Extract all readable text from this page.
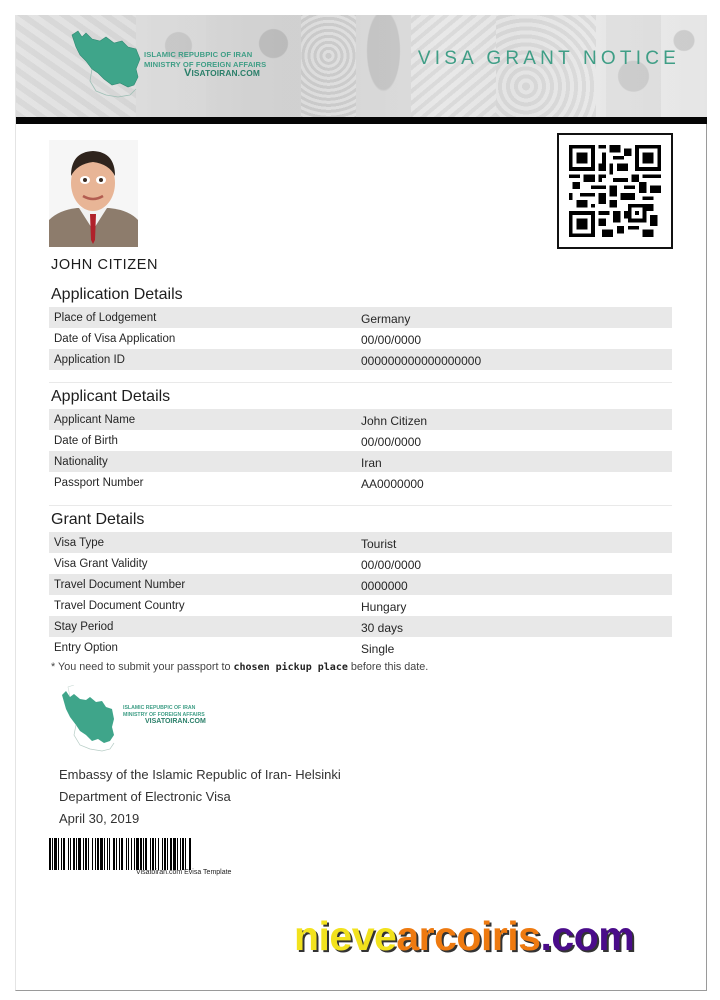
ISLAMIC REPUBPIC OF IRAN
MINISTRY OF FOREIGN AFFAIRS
VISATOIRAN.COM
VISA GRANT NOTICE
JOHN CITIZEN
Application Details
Place of Lodgement	Germany
Date of Visa Application	00/00/0000
Application ID	000000000000000000
Applicant Details
Applicant Name	John Citizen
Date of Birth	00/00/0000
Nationality	Iran
Passport Number	AA0000000
Grant Details
Visa Type	Tourist
Visa Grant Validity	00/00/0000
Travel Document Number	0000000
Travel Document Country	Hungary
Stay Period	30 days
Entry Option	Single
* You need to submit your passport to chosen pickup place before this date.
ISLAMIC REPUBPIC OF IRAN
MINISTRY OF FOREIGN AFFAIRS
VISATOIRAN.COM
Embassy of the Islamic Republic of Iran- Helsinki
Department of Electronic Visa
April 30, 2019
Visatoiran.com Evisa Template
nievearcoiris.com
